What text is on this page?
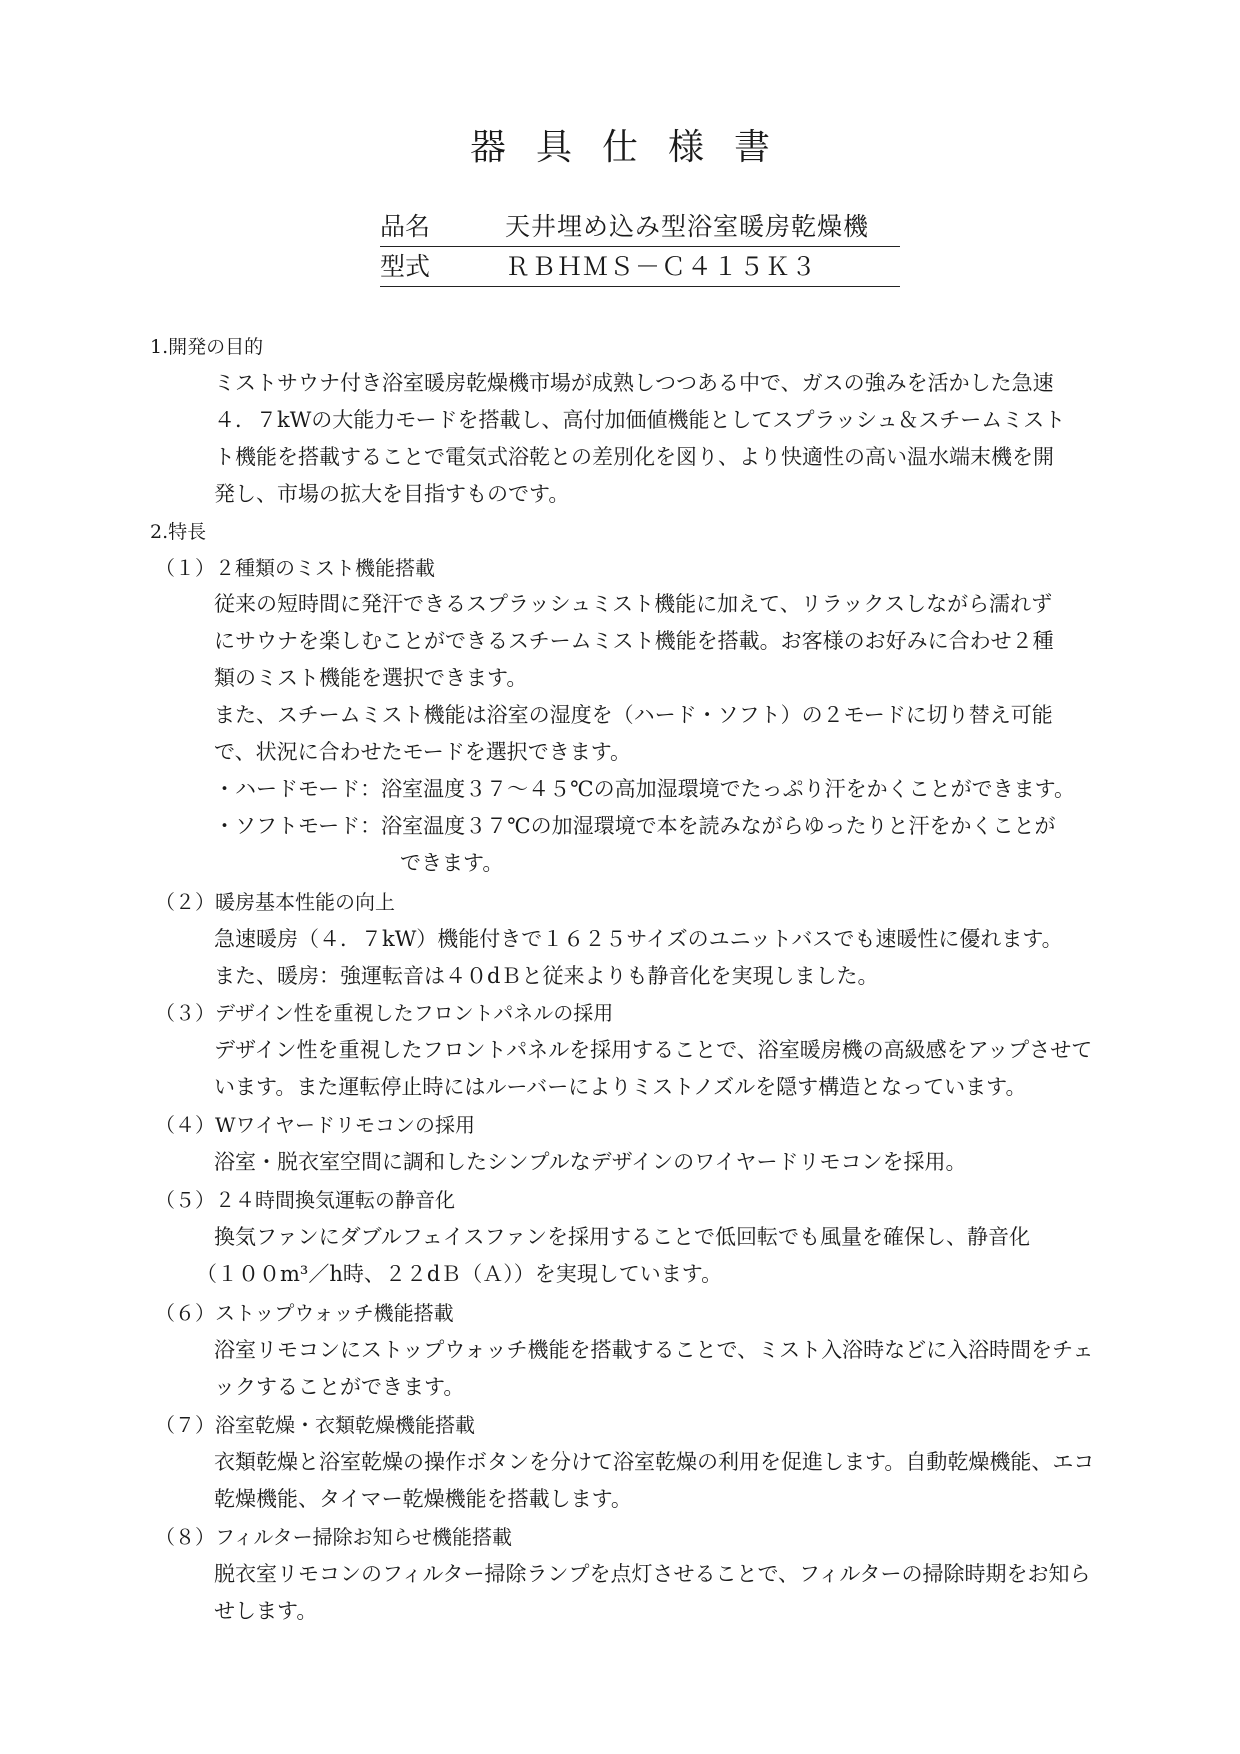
器具仕様書
品名	天井埋め込み型浴室暖房乾燥機
型式	ＲＢＨＭＳ－Ｃ４１５Ｋ３
1.開発の目的
ミストサウナ付き浴室暖房乾燥機市場が成熟しつつある中で、ガスの強みを活かした急速
４．７kWの大能力モードを搭載し、高付加価値機能としてスプラッシュ＆スチームミスト
ト機能を搭載することで電気式浴乾との差別化を図り、より快適性の高い温水端末機を開
発し、市場の拡大を目指すものです。
2.特長
（１）２種類のミスト機能搭載
従来の短時間に発汗できるスプラッシュミスト機能に加えて、リラックスしながら濡れず
にサウナを楽しむことができるスチームミスト機能を搭載。お客様のお好みに合わせ２種
類のミスト機能を選択できます。
また、スチームミスト機能は浴室の湿度を（ハード・ソフト）の２モードに切り替え可能
で、状況に合わせたモードを選択できます。
・ハードモード：浴室温度３７～４５℃の高加湿環境でたっぷり汗をかくことができます。
・ソフトモード：浴室温度３７℃の加湿環境で本を読みながらゆったりと汗をかくことが
できます。
（２）暖房基本性能の向上
急速暖房（４．７kW）機能付きで１６２５サイズのユニットバスでも速暖性に優れます。
また、暖房：強運転音は４０dＢと従来よりも静音化を実現しました。
（３）デザイン性を重視したフロントパネルの採用
デザイン性を重視したフロントパネルを採用することで、浴室暖房機の高級感をアップさせて
います。また運転停止時にはルーバーによりミストノズルを隠す構造となっています。
（４）Wワイヤードリモコンの採用
浴室・脱衣室空間に調和したシンプルなデザインのワイヤードリモコンを採用。
（５）２４時間換気運転の静音化
換気ファンにダブルフェイスファンを採用することで低回転でも風量を確保し、静音化
（１００m³／h時、２２dＢ（Ａ））を実現しています。
（６）ストップウォッチ機能搭載
浴室リモコンにストップウォッチ機能を搭載することで、ミスト入浴時などに入浴時間をチェ
ックすることができます。
（７）浴室乾燥・衣類乾燥機能搭載
衣類乾燥と浴室乾燥の操作ボタンを分けて浴室乾燥の利用を促進します。自動乾燥機能、エコ
乾燥機能、タイマー乾燥機能を搭載します。
（８）フィルター掃除お知らせ機能搭載
脱衣室リモコンのフィルター掃除ランプを点灯させることで、フィルターの掃除時期をお知ら
せします。
